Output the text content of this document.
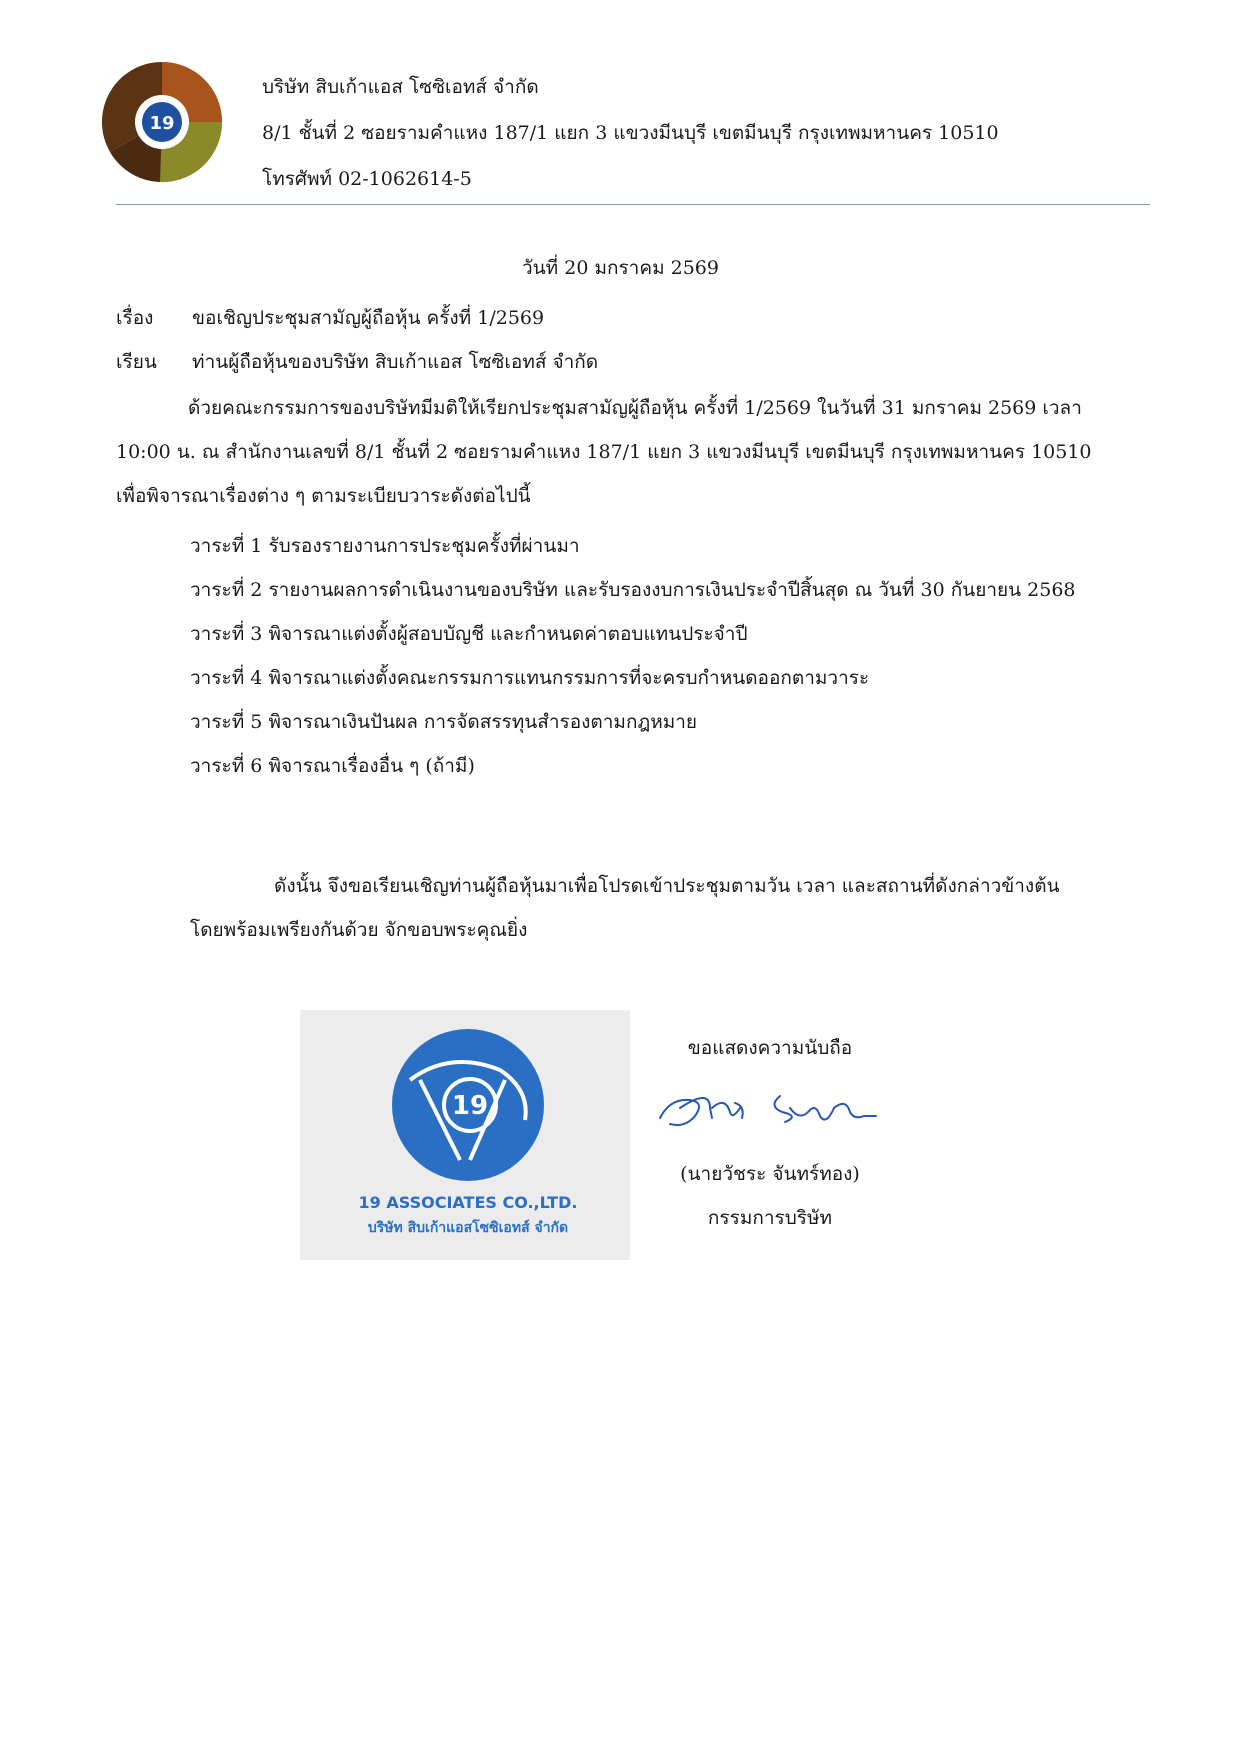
19
บริษัท สิบเก้าแอส โซซิเอทส์ จำกัด
8/1 ชั้นที่ 2 ซอยรามคำแหง 187/1 แยก 3 แขวงมีนบุรี เขตมีนบุรี กรุงเทพมหานคร 10510
โทรศัพท์ 02-1062614-5
วันที่ 20 มกราคม 2569
เรื่อง ขอเชิญประชุมสามัญผู้ถือหุ้น ครั้งที่ 1/2569
เรียน ท่านผู้ถือหุ้นของบริษัท สิบเก้าแอส โซซิเอทส์ จำกัด
ด้วยคณะกรรมการของบริษัทมีมติให้เรียกประชุมสามัญผู้ถือหุ้น ครั้งที่ 1/2569 ในวันที่ 31 มกราคม 2569 เวลา
10:00 น. ณ สำนักงานเลขที่ 8/1 ชั้นที่ 2 ซอยรามคำแหง 187/1 แยก 3 แขวงมีนบุรี เขตมีนบุรี กรุงเทพมหานคร 10510
เพื่อพิจารณาเรื่องต่าง ๆ ตามระเบียบวาระดังต่อไปนี้
วาระที่ 1 รับรองรายงานการประชุมครั้งที่ผ่านมา
วาระที่ 2 รายงานผลการดำเนินงานของบริษัท และรับรองงบการเงินประจำปีสิ้นสุด ณ วันที่ 30 กันยายน 2568
วาระที่ 3 พิจารณาแต่งตั้งผู้สอบบัญชี และกำหนดค่าตอบแทนประจำปี
วาระที่ 4 พิจารณาแต่งตั้งคณะกรรมการแทนกรรมการที่จะครบกำหนดออกตามวาระ
วาระที่ 5 พิจารณาเงินปันผล การจัดสรรทุนสำรองตามกฎหมาย
วาระที่ 6 พิจารณาเรื่องอื่น ๆ (ถ้ามี)
ดังนั้น จึงขอเรียนเชิญท่านผู้ถือหุ้นมาเพื่อโปรดเข้าประชุมตามวัน เวลา และสถานที่ดังกล่าวข้างต้น
โดยพร้อมเพรียงกันด้วย จักขอบพระคุณยิ่ง
19
19 ASSOCIATES CO.,LTD.
บริษัท สิบเก้าแอสโซซิเอทส์ จำกัด
ขอแสดงความนับถือ
(นายวัชระ จันทร์ทอง)
กรรมการบริษัท
